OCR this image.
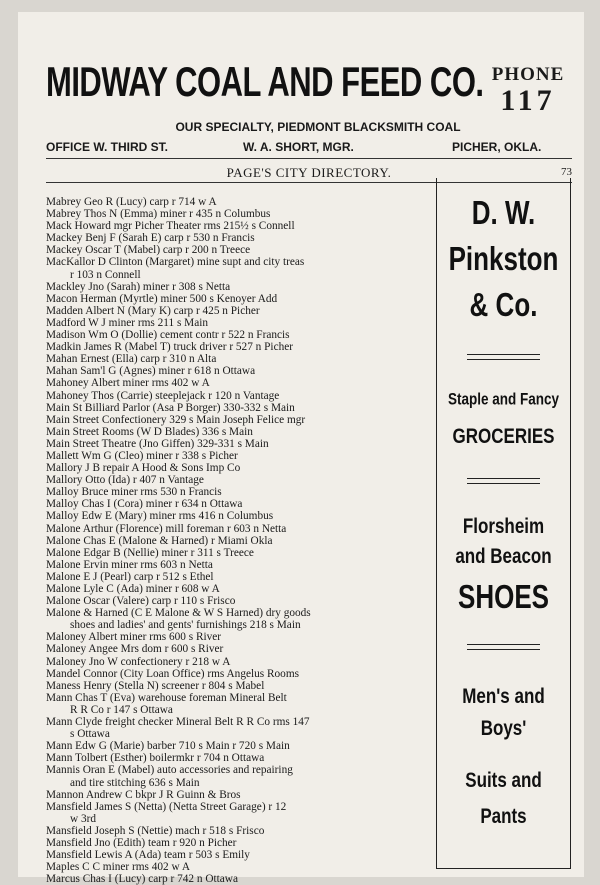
MIDWAY COAL AND FEED CO. PHONE
117
OUR SPECIALTY, PIEDMONT BLACKSMITH COAL
OFFICE W. THIRD ST.	W. A. SHORT, MGR.	PICHER, OKLA.
PAGE'S CITY DIRECTORY.	73
Mabrey Geo R (Lucy) carp r 714 w A
Mabrey Thos N (Emma) miner r 435 n Columbus
Mack Howard mgr Picher Theater rms 215½ s Connell
Mackey Benj F (Sarah E) carp r 530 n Francis
Mackey Oscar T (Mabel) carp r 200 n Treece
MacKallor D Clinton (Margaret) mine supt and city treas
r 103 n Connell
Mackley Jno (Sarah) miner r 308 s Netta
Macon Herman (Myrtle) miner 500 s Kenoyer Add
Madden Albert N (Mary K) carp r 425 n Picher
Madford W J miner rms 211 s Main
Madison Wm O (Dollie) cement contr r 522 n Francis
Madkin James R (Mabel T) truck driver r 527 n Picher
Mahan Ernest (Ella) carp r 310 n Alta
Mahan Sam'l G (Agnes) miner r 618 n Ottawa
Mahoney Albert miner rms 402 w A
Mahoney Thos (Carrie) steeplejack r 120 n Vantage
Main St Billiard Parlor (Asa P Borger) 330-332 s Main
Main Street Confectionery 329 s Main Joseph Felice mgr
Main Street Rooms (W D Blades) 336 s Main
Main Street Theatre (Jno Giffen) 329-331 s Main
Mallett Wm G (Cleo) miner r 338 s Picher
Mallory J B repair A Hood & Sons Imp Co
Mallory Otto (Ida) r 407 n Vantage
Malloy Bruce miner rms 530 n Francis
Malloy Chas I (Cora) miner r 634 n Ottawa
Malloy Edw E (Mary) miner rms 416 n Columbus
Malone Arthur (Florence) mill foreman r 603 n Netta
Malone Chas E (Malone & Harned) r Miami Okla
Malone Edgar B (Nellie) miner r 311 s Treece
Malone Ervin miner rms 603 n Netta
Malone E J (Pearl) carp r 512 s Ethel
Malone Lyle C (Ada) miner r 608 w A
Malone Oscar (Valere) carp r 110 s Frisco
Malone & Harned (C E Malone & W S Harned) dry goods
shoes and ladies' and gents' furnishings 218 s Main
Maloney Albert miner rms 600 s River
Maloney Angee Mrs dom r 600 s River
Maloney Jno W confectionery r 218 w A
Mandel Connor (City Loan Office) rms Angelus Rooms
Maness Henry (Stella N) screener r 804 s Mabel
Mann Chas T (Eva) warehouse foreman Mineral Belt
R R Co r 147 s Ottawa
Mann Clyde freight checker Mineral Belt R R Co rms 147
s Ottawa
Mann Edw G (Marie) barber 710 s Main r 720 s Main
Mann Tolbert (Esther) boilermkr r 704 n Ottawa
Mannis Oran E (Mabel) auto accessories and repairing
and tire stitching 636 s Main
Mannon Andrew C bkpr J R Guinn & Bros
Mansfield James S (Netta) (Netta Street Garage) r 12
w 3rd
Mansfield Joseph S (Nettie) mach r 518 s Frisco
Mansfield Jno (Edith) team r 920 n Picher
Mansfield Lewis A (Ada) team r 503 s Emily
Maples C C miner rms 402 w A
Marcus Chas I (Lucy) carp r 742 n Ottawa
D. W.
Pinkston
& Co.
Staple and Fancy
GROCERIES
Florsheim
and Beacon
SHOES
Men's and
Boys'
Suits and
Pants
